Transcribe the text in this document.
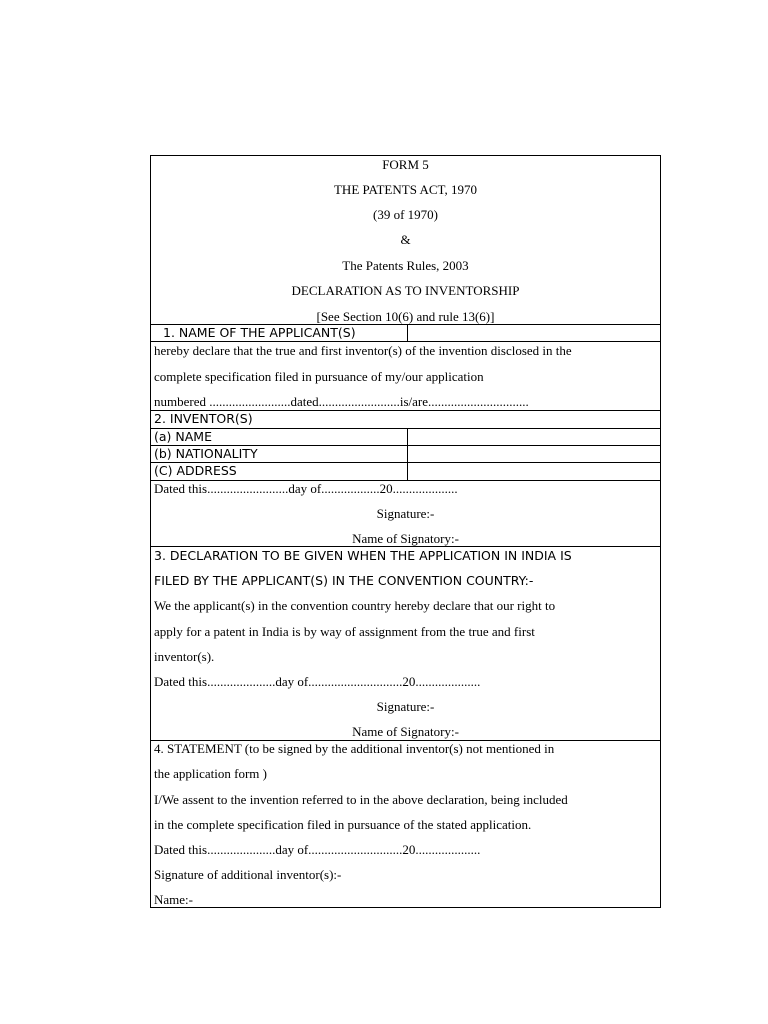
FORM 5
THE PATENTS ACT, 1970
(39 of 1970)
&
The Patents Rules, 2003
DECLARATION AS TO INVENTORSHIP
[See Section 10(6) and rule 13(6)]
1. NAME OF THE APPLICANT(S)
hereby declare that the true and first inventor(s) of the invention disclosed in the
complete specification filed in pursuance of my/our application
numbered .........................dated.........................is/are...............................
2. INVENTOR(S)
(a) NAME
(b) NATIONALITY
(C) ADDRESS
Dated this.........................day of..................20....................
Signature:-
Name of Signatory:-
3. DECLARATION TO BE GIVEN WHEN THE APPLICATION IN INDIA IS
FILED BY THE APPLICANT(S) IN THE CONVENTION COUNTRY:-
We the applicant(s) in the convention country hereby declare that our right to
apply for a patent in India is by way of assignment from the true and first
inventor(s).
Dated this.....................day of.............................20....................
Signature:-
Name of Signatory:-
4. STATEMENT (to be signed by the additional inventor(s) not mentioned in
the application form )
I/We assent to the invention referred to in the above declaration, being included
in the complete specification filed in pursuance of the stated application.
Dated this.....................day of.............................20....................
Signature of additional inventor(s):-
Name:-
